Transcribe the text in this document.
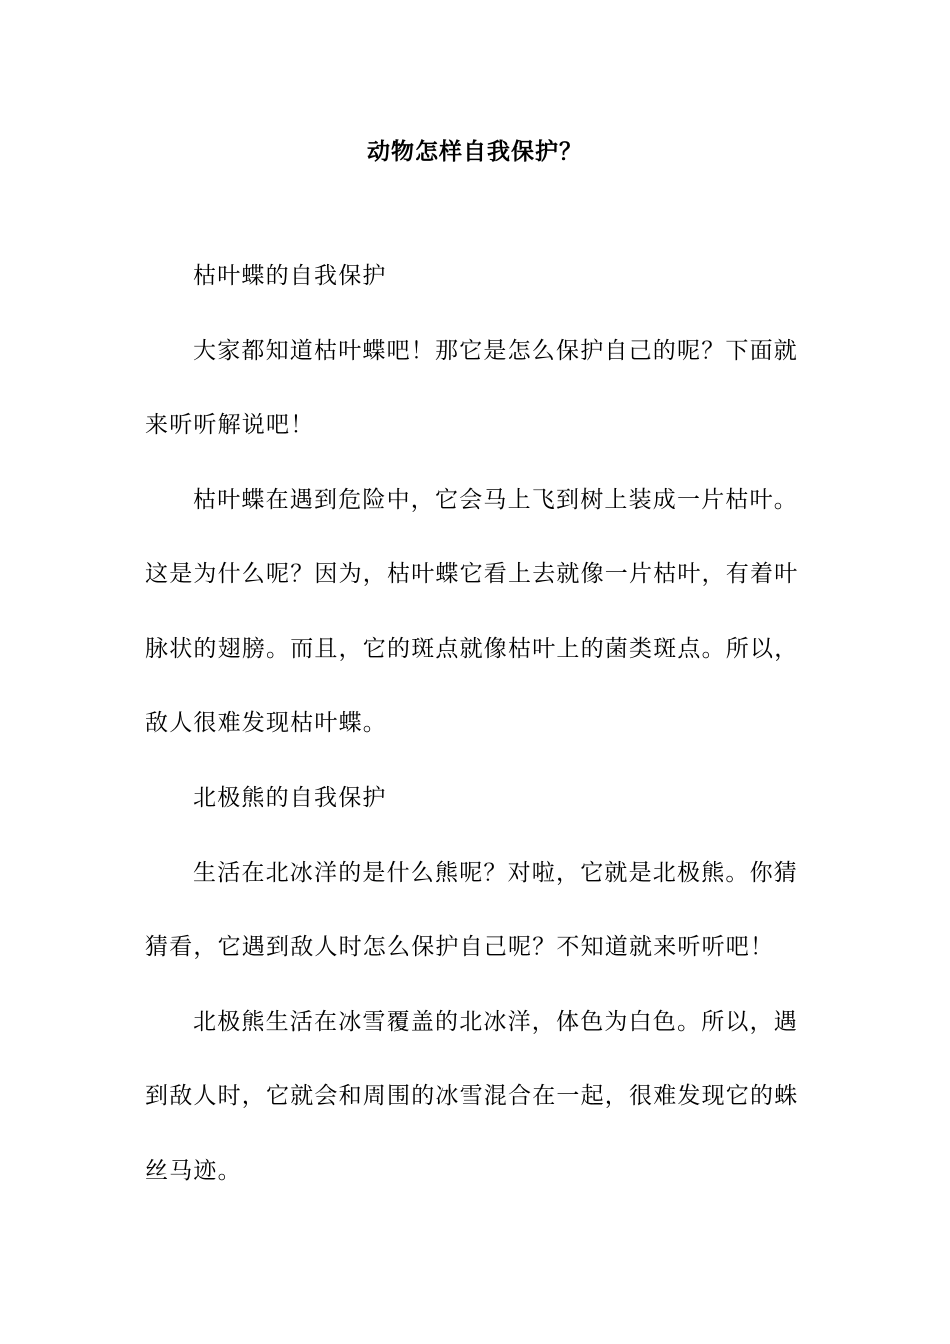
动物怎样自我保护？
枯叶蝶的自我保护
大家都知道枯叶蝶吧！那它是怎么保护自己的呢？下面就
来听听解说吧！
枯叶蝶在遇到危险中，它会马上飞到树上装成一片枯叶。
这是为什么呢？因为，枯叶蝶它看上去就像一片枯叶，有着叶
脉状的翅膀。而且，它的斑点就像枯叶上的菌类斑点。所以，
敌人很难发现枯叶蝶。
北极熊的自我保护
生活在北冰洋的是什么熊呢？对啦，它就是北极熊。你猜
猜看，它遇到敌人时怎么保护自己呢？不知道就来听听吧！
北极熊生活在冰雪覆盖的北冰洋，体色为白色。所以，遇
到敌人时，它就会和周围的冰雪混合在一起，很难发现它的蛛
丝马迹。
